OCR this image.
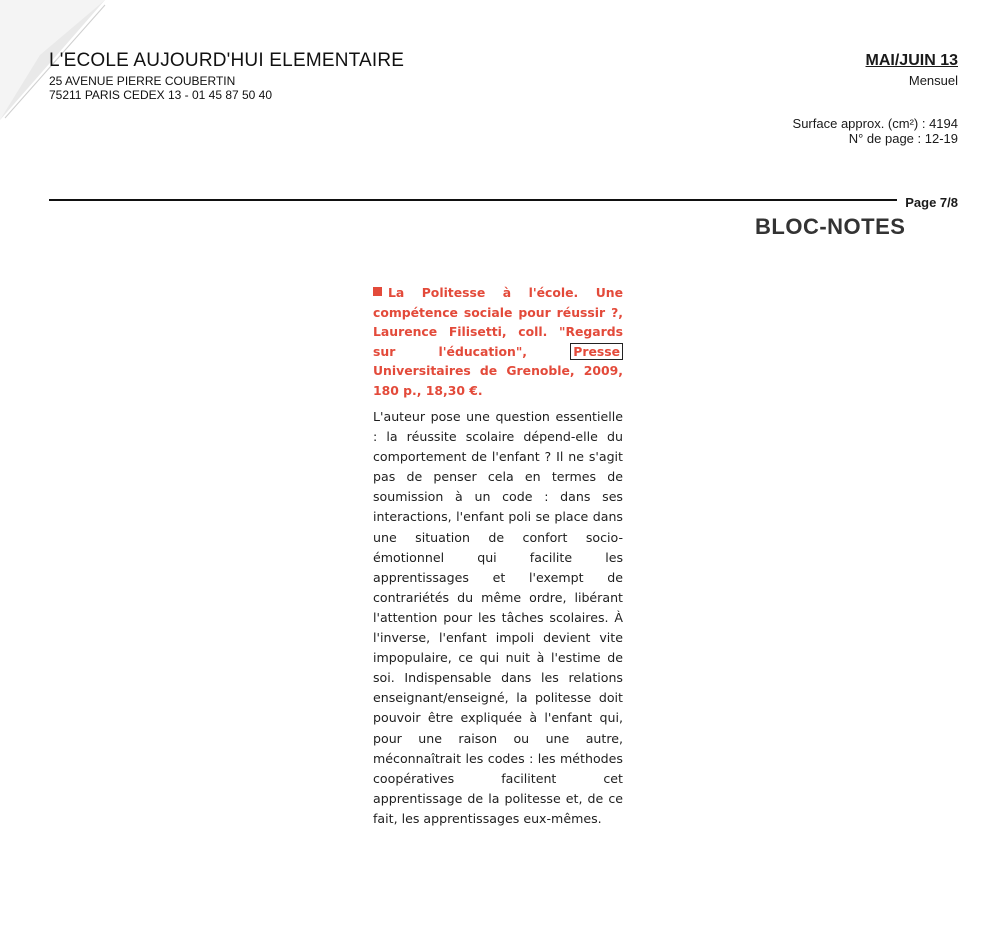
L'ECOLE AUJOURD'HUI ELEMENTAIRE
25 AVENUE PIERRE COUBERTIN
75211 PARIS CEDEX 13 - 01 45 87 50 40
MAI/JUIN 13
Mensuel
Surface approx. (cm²) : 4194
N° de page : 12-19
Page 7/8
BLOC-NOTES
La Politesse à l'école. Une compétence sociale pour réussir ?, Laurence Filisetti, coll. "Regards sur l'éducation",	Presse Universitaires de Grenoble, 2009, 180 p., 18,30 €.
L'auteur pose une question essentielle : la réussite scolaire dépend-elle du comportement de l'enfant ? Il ne s'agit pas de penser cela en termes de soumission à un code : dans ses interactions, l'enfant poli se place dans une situation de confort socio-émotionnel qui facilite les apprentissages et l'exempt de contrariétés du même ordre, libérant l'attention pour les tâches scolaires. À l'inverse, l'enfant impoli devient vite impopulaire, ce qui nuit à l'estime de soi. Indispensable dans les relations enseignant/enseigné, la politesse doit pouvoir être expliquée à l'enfant qui, pour une raison ou une autre, méconnaîtrait les codes : les méthodes coopératives facilitent cet apprentissage de la politesse et, de ce fait, les apprentissages eux-mêmes.
